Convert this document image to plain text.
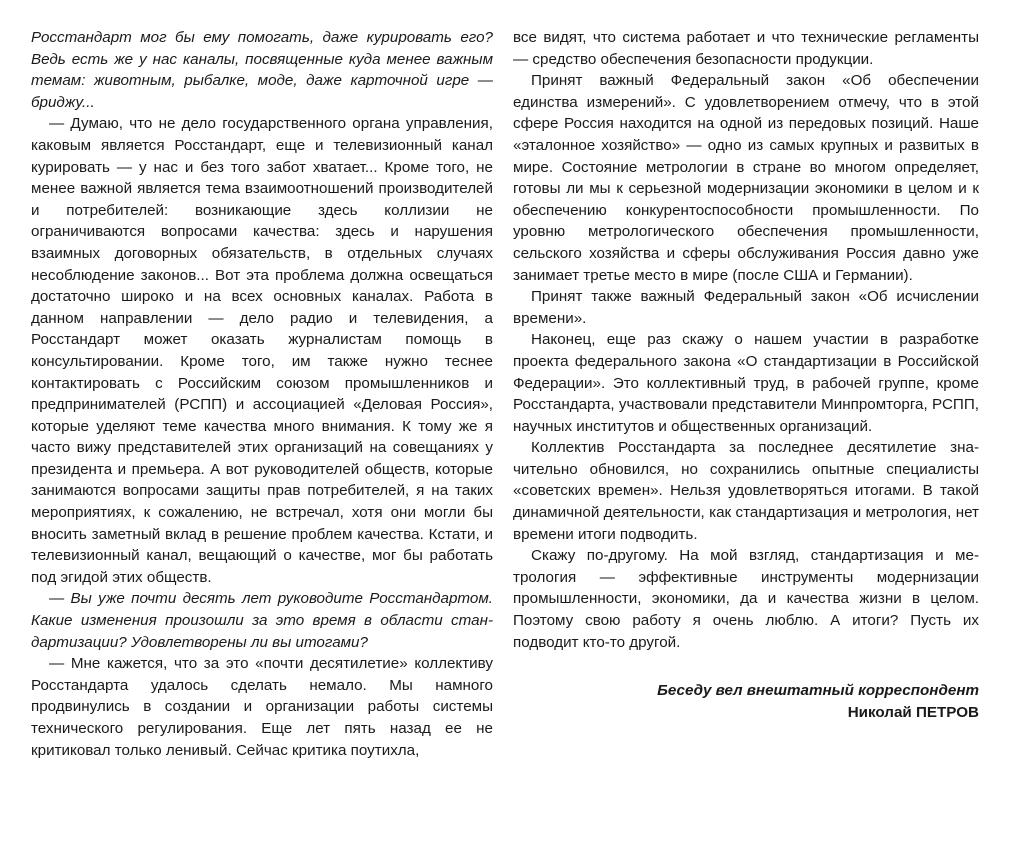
Росстандарт мог бы ему помогать, даже курировать его? Ведь есть же у нас каналы, посвященные куда менее важным темам: животным, рыбалке, моде, даже карточной игре — бриджу...

— Думаю, что не дело государственного органа управления, каковым является Росстандарт, еще и телевизионный канал курировать — у нас и без того забот хватает... Кроме того, не менее важной является тема взаимоотношений производителей и потребителей: возникающие здесь коллизии не ограничиваются вопросами качества: здесь и нарушения взаимных договорных обязательств, в отдельных случаях несоблюдение законов... Вот эта проблема должна освещаться достаточно широко и на всех основных каналах. Работа в данном направлении — дело радио и телевидения, а Росстандарт может оказать журналистам помощь в консультировании. Кроме того, им также нужно теснее контактировать с Российским союзом промышленников и предпринимателей (РСПП) и ассоциацией «Деловая Россия», которые уделяют теме качества много внимания. К тому же я часто вижу представителей этих организаций на совещаниях у президента и премьера. А вот руководителей обществ, которые занимаются вопросами защиты прав потребителей, я на таких мероприятиях, к сожалению, не встречал, хотя они могли бы вносить заметный вклад в решение проблем качества. Кстати, и телевизионный канал, вещающий о качестве, мог бы работать под эгидой этих обществ.

— Вы уже почти десять лет руководите Росстандартом. Какие изменения произошли за это время в области стандартизации? Удовлетворены ли вы итогами?

— Мне кажется, что за это «почти десятилетие» коллективу Росстандарта удалось сделать немало. Мы намного продвинулись в создании и организации работы системы технического регулирования. Еще лет пять назад ее не критиковал только ленивый. Сейчас критика поутихла,

все видят, что система работает и что технические регламенты — средство обеспечения безопасности продукции.

Принят важный Федеральный закон «Об обеспечении единства измерений». С удовлетворением отмечу, что в этой сфере Россия находится на одной из передовых позиций. Наше «эталонное хозяйство» — одно из самых крупных и развитых в мире. Состояние метрологии в стране во многом определяет, готовы ли мы к серьезной модернизации экономики в целом и к обеспечению конкурентоспособности промышленности. По уровню метрологического обеспечения промышленности, сельского хозяйства и сферы обслуживания Россия давно уже занимает третье место в мире (после США и Германии).

Принят также важный Федеральный закон «Об исчислении времени».

Наконец, еще раз скажу о нашем участии в разработке проекта федерального закона «О стандартизации в Российской Федерации». Это коллективный труд, в рабочей группе, кроме Росстандарта, участвовали представители Минпромторга, РСПП, научных институтов и общественных организаций.

Коллектив Росстандарта за последнее десятилетие значительно обновился, но сохранились опытные специалисты «советских времен». Нельзя удовлетворяться итогами. В такой динамичной деятельности, как стандартизация и метрология, нет времени итоги подводить.

Скажу по-другому. На мой взгляд, стандартизация и метрология — эффективные инструменты модернизации промышленности, экономики, да и качества жизни в целом. Поэтому свою работу я очень люблю. А итоги? Пусть их подводит кто-то другой.

Беседу вел внештатный корреспондент
Николай ПЕТРОВ
